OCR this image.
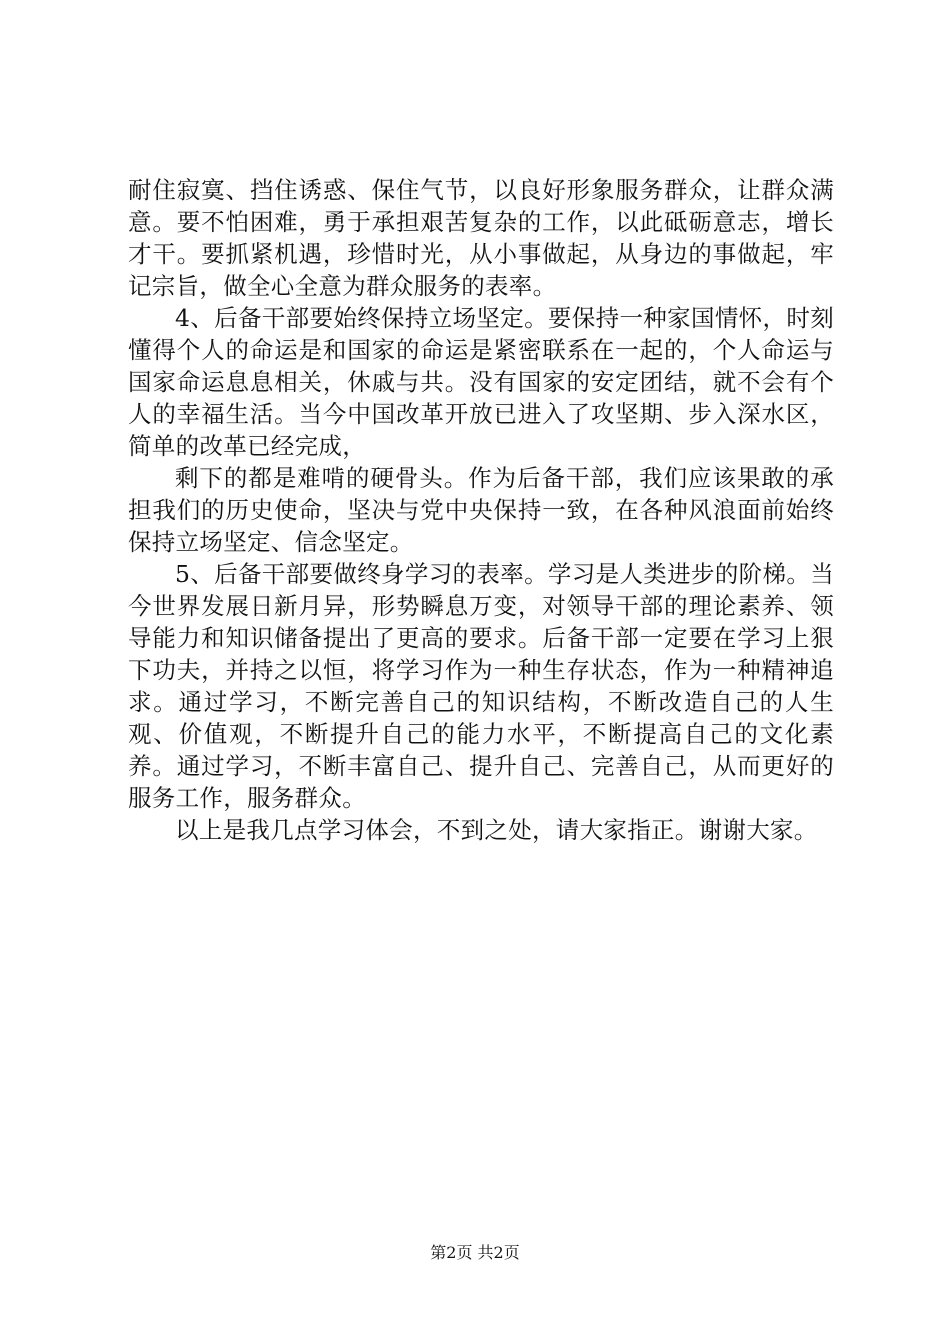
耐住寂寞、挡住诱惑、保住气节，以良好形象服务群众，让群众满意。要不怕困难，勇于承担艰苦复杂的工作，以此砥砺意志，增长才干。要抓紧机遇，珍惜时光，从小事做起，从身边的事做起，牢记宗旨，做全心全意为群众服务的表率。

4、后备干部要始终保持立场坚定。要保持一种家国情怀，时刻懂得个人的命运是和国家的命运是紧密联系在一起的，个人命运与国家命运息息相关，休戚与共。没有国家的安定团结，就不会有个人的幸福生活。当今中国改革开放已进入了攻坚期、步入深水区，简单的改革已经完成，

剩下的都是难啃的硬骨头。作为后备干部，我们应该果敢的承担我们的历史使命，坚决与党中央保持一致，在各种风浪面前始终保持立场坚定、信念坚定。

5、后备干部要做终身学习的表率。学习是人类进步的阶梯。当今世界发展日新月异，形势瞬息万变，对领导干部的理论素养、领导能力和知识储备提出了更高的要求。后备干部一定要在学习上狠下功夫，并持之以恒，将学习作为一种生存状态，作为一种精神追求。通过学习，不断完善自己的知识结构，不断改造自己的人生观、价值观，不断提升自己的能力水平，不断提高自己的文化素养。通过学习，不断丰富自己、提升自己、完善自己，从而更好的服务工作，服务群众。

以上是我几点学习体会，不到之处，请大家指正。谢谢大家。

第2页 共2页
